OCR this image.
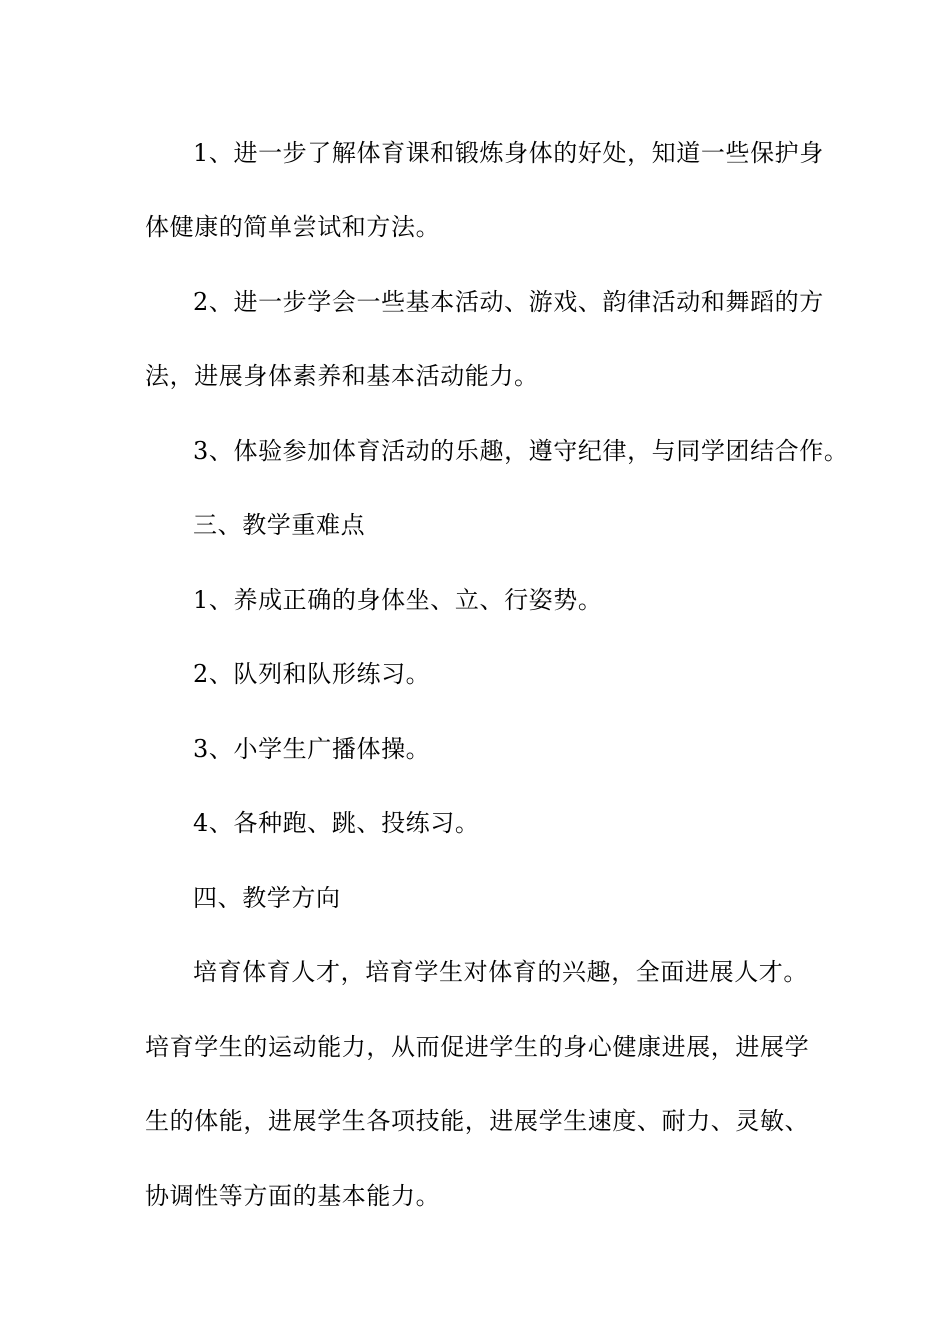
1、进一步了解体育课和锻炼身体的好处，知道一些保护身
体健康的简单尝试和方法。
2、进一步学会一些基本活动、游戏、韵律活动和舞蹈的方
法，进展身体素养和基本活动能力。
3、体验参加体育活动的乐趣，遵守纪律，与同学团结合作。
三、教学重难点
1、养成正确的身体坐、立、行姿势。
2、队列和队形练习。
3、小学生广播体操。
4、各种跑、跳、投练习。
四、教学方向
培育体育人才，培育学生对体育的兴趣，全面进展人才。
培育学生的运动能力，从而促进学生的身心健康进展，进展学
生的体能，进展学生各项技能，进展学生速度、耐力、灵敏、
协调性等方面的基本能力。
